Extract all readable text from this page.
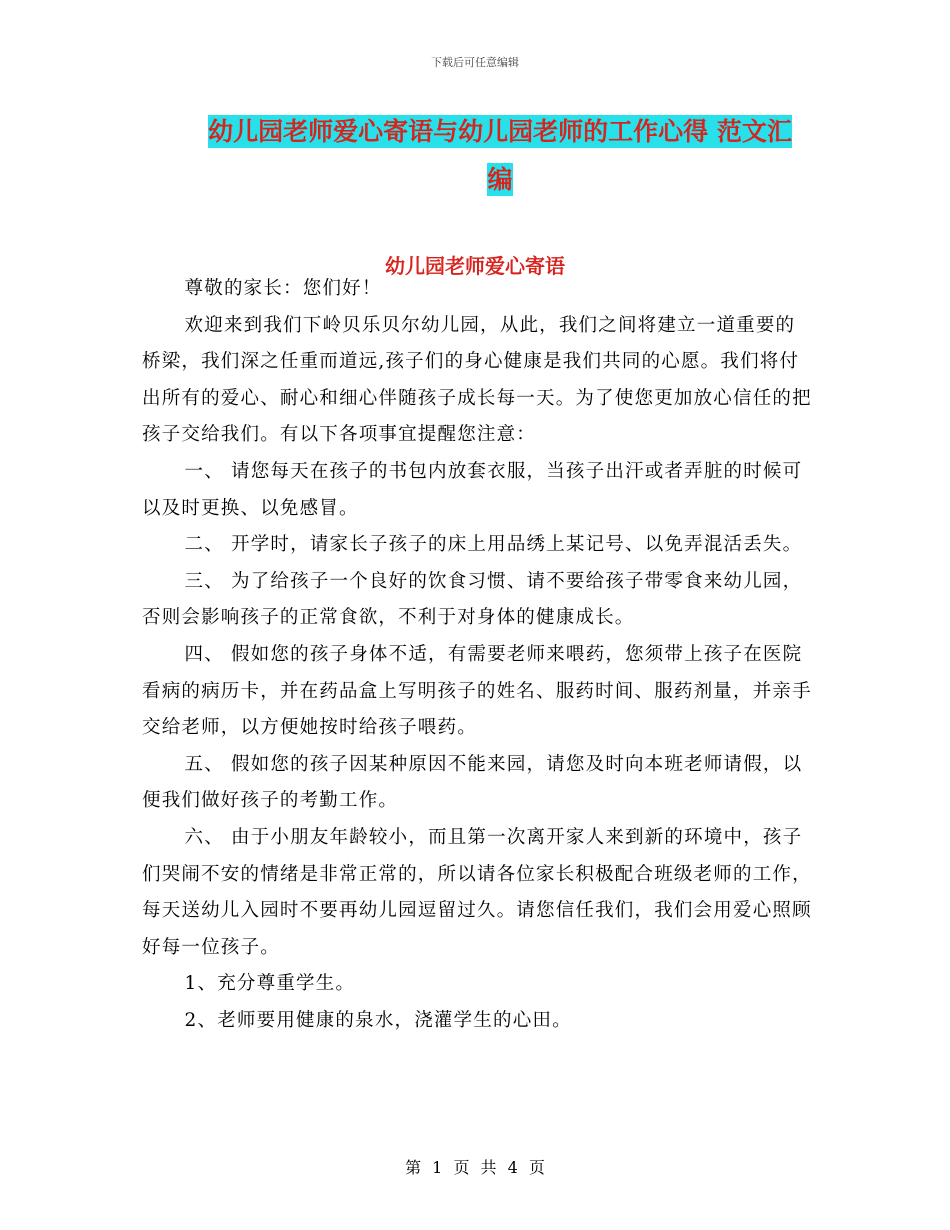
下载后可任意编辑
幼儿园老师爱心寄语与幼儿园老师的工作心得 范文汇
编
幼儿园老师爱心寄语

尊敬的家长：您们好！

欢迎来到我们下岭贝乐贝尔幼儿园，从此，我们之间将建立一道重要的桥梁，我们深之任重而道远,孩子们的身心健康是我们共同的心愿。我们将付出所有的爱心、耐心和细心伴随孩子成长每一天。为了使您更加放心信任的把孩子交给我们。有以下各项事宜提醒您注意：

一、 请您每天在孩子的书包内放套衣服，当孩子出汗或者弄脏的时候可以及时更换、以免感冒。

二、 开学时，请家长子孩子的床上用品绣上某记号、以免弄混活丢失。

三、 为了给孩子一个良好的饮食习惯、请不要给孩子带零食来幼儿园，否则会影响孩子的正常食欲，不利于对身体的健康成长。

四、 假如您的孩子身体不适，有需要老师来喂药，您须带上孩子在医院看病的病历卡，并在药品盒上写明孩子的姓名、服药时间、服药剂量，并亲手交给老师，以方便她按时给孩子喂药。

五、 假如您的孩子因某种原因不能来园，请您及时向本班老师请假，以便我们做好孩子的考勤工作。

六、 由于小朋友年龄较小，而且第一次离开家人来到新的环境中，孩子们哭闹不安的情绪是非常正常的，所以请各位家长积极配合班级老师的工作，每天送幼儿入园时不要再幼儿园逗留过久。请您信任我们，我们会用爱心照顾好每一位孩子。

1、充分尊重学生。

2、老师要用健康的泉水，浇灌学生的心田。

第 1 页 共 4 页
